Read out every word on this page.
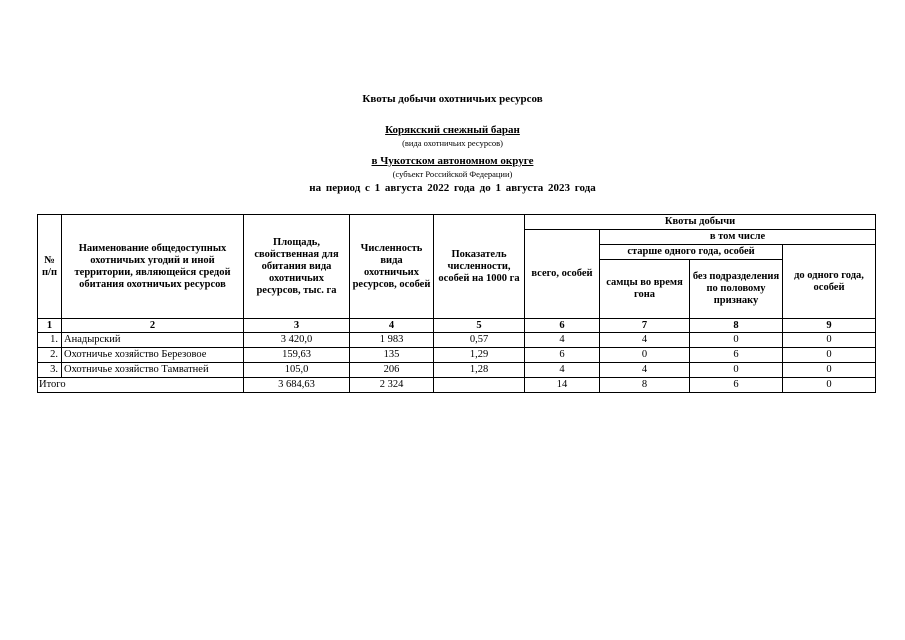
Квоты добычи охотничьих ресурсов
Корякский снежный баран
(вида охотничьих ресурсов)
в Чукотском автономном округе
(субъект Российской Федерации)
на период с 1 августа 2022 года до 1 августа 2023 года
№ п/п	Наименование общедоступных охотничьих угодий и иной территории, являющейся средой обитания охотничьих ресурсов	Площадь, свойственная для обитания вида охотничьих ресурсов, тыс. га	Численность вида охотничьих ресурсов, особей	Показатель численности, особей на 1000 га	Квоты добычи			
					всего, особей	в том числе		
						старше одного года, особей		до одного года, особей
						самцы во время гона	без подразделения по половому признаку	
1	2	3	4	5	6	7	8	9
1.	Анадырский	3 420,0	1 983	0,57	4	4	0	0
2.	Охотничье хозяйство Березовое	159,63	135	1,29	6	0	6	0
3.	Охотничье хозяйство Тамватней	105,0	206	1,28	4	4	0	0
Итого		3 684,63	2 324		14	8	6	0
